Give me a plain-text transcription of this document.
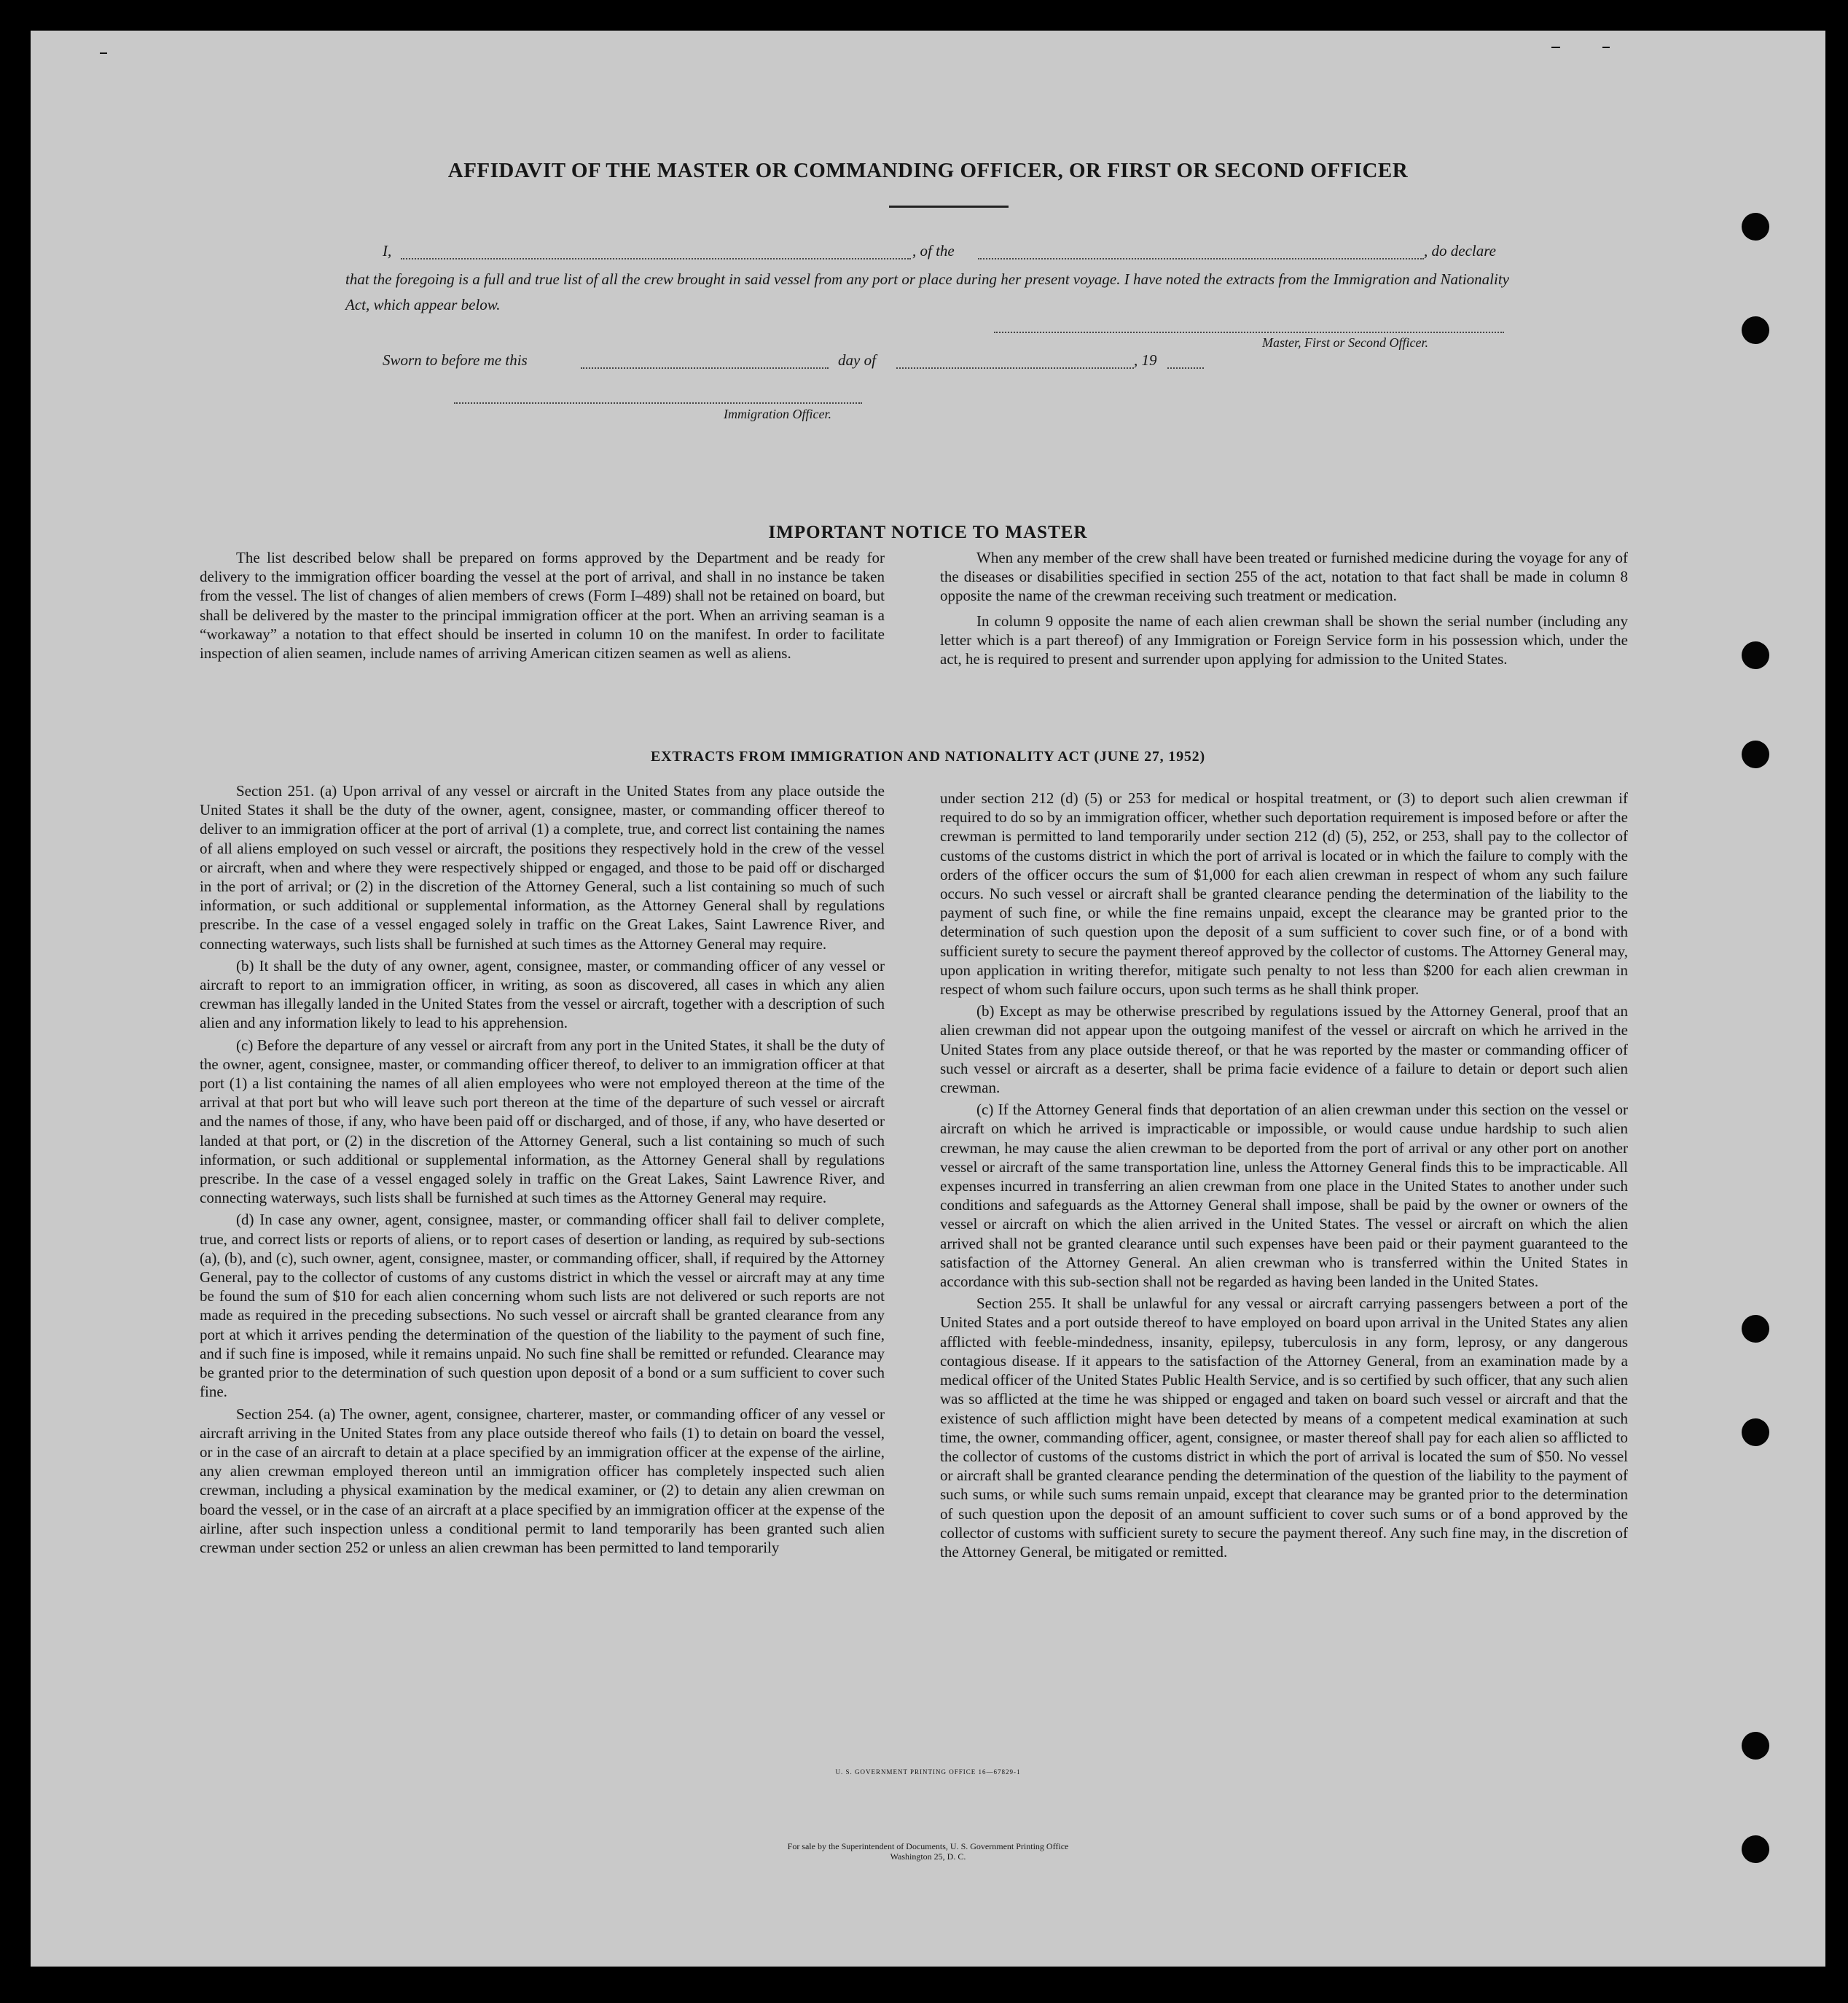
AFFIDAVIT OF THE MASTER OR COMMANDING OFFICER, OR FIRST OR SECOND OFFICER
I,	, of the	, do declare
that the foregoing is a full and true list of all the crew brought in said vessel from any port or place during her present voyage. I have noted the extracts from the Immigration and Nationality Act, which appear below.
Master, First or Second Officer.
Sworn to before me this	day of	, 19
Immigration Officer.
IMPORTANT NOTICE TO MASTER

The list described below shall be prepared on forms approved by the Department and be ready for delivery to the immigration officer boarding the vessel at the port of arrival, and shall in no instance be taken from the vessel. The list of changes of alien members of crews (Form I–489) shall not be retained on board, but shall be delivered by the master to the principal immigration officer at the port. When an arriving seaman is a “workaway” a notation to that effect should be inserted in column 10 on the manifest. In order to facilitate inspection of alien seamen, include names of arriving American citizen seamen as well as aliens.

When any member of the crew shall have been treated or furnished medicine during the voyage for any of the diseases or disabilities specified in section 255 of the act, notation to that fact shall be made in column 8 opposite the name of the crewman receiving such treatment or medication.

In column 9 opposite the name of each alien crewman shall be shown the serial number (including any letter which is a part thereof) of any Immigration or Foreign Service form in his possession which, under the act, he is required to present and surrender upon applying for admission to the United States.

EXTRACTS FROM IMMIGRATION AND NATIONALITY ACT (JUNE 27, 1952)

Section 251. (a) Upon arrival of any vessel or aircraft in the United States from any place outside the United States it shall be the duty of the owner, agent, consignee, master, or commanding officer thereof to deliver to an immigration officer at the port of arrival (1) a complete, true, and correct list containing the names of all aliens employed on such vessel or aircraft, the positions they respectively hold in the crew of the vessel or aircraft, when and where they were respectively shipped or engaged, and those to be paid off or discharged in the port of arrival; or (2) in the discretion of the Attorney General, such a list containing so much of such information, or such additional or supplemental information, as the Attorney General shall by regulations prescribe. In the case of a vessel engaged solely in traffic on the Great Lakes, Saint Lawrence River, and connecting waterways, such lists shall be furnished at such times as the Attorney General may require.

(b) It shall be the duty of any owner, agent, consignee, master, or commanding officer of any vessel or aircraft to report to an immigration officer, in writing, as soon as discovered, all cases in which any alien crewman has illegally landed in the United States from the vessel or aircraft, together with a description of such alien and any information likely to lead to his apprehension.

(c) Before the departure of any vessel or aircraft from any port in the United States, it shall be the duty of the owner, agent, consignee, master, or commanding officer thereof, to deliver to an immigration officer at that port (1) a list containing the names of all alien employees who were not employed thereon at the time of the arrival at that port but who will leave such port thereon at the time of the departure of such vessel or aircraft and the names of those, if any, who have been paid off or discharged, and of those, if any, who have deserted or landed at that port, or (2) in the discretion of the Attorney General, such a list containing so much of such information, or such additional or supplemental information, as the Attorney General shall by regulations prescribe. In the case of a vessel engaged solely in traffic on the Great Lakes, Saint Lawrence River, and connecting waterways, such lists shall be furnished at such times as the Attorney General may require.

(d) In case any owner, agent, consignee, master, or commanding officer shall fail to deliver complete, true, and correct lists or reports of aliens, or to report cases of desertion or landing, as required by sub-sections (a), (b), and (c), such owner, agent, consignee, master, or commanding officer, shall, if required by the Attorney General, pay to the collector of customs of any customs district in which the vessel or aircraft may at any time be found the sum of $10 for each alien concerning whom such lists are not delivered or such reports are not made as required in the preceding subsections. No such vessel or aircraft shall be granted clearance from any port at which it arrives pending the determination of the question of the liability to the payment of such fine, and if such fine is imposed, while it remains unpaid. No such fine shall be remitted or refunded. Clearance may be granted prior to the determination of such question upon deposit of a bond or a sum sufficient to cover such fine.

Section 254. (a) The owner, agent, consignee, charterer, master, or commanding officer of any vessel or aircraft arriving in the United States from any place outside thereof who fails (1) to detain on board the vessel, or in the case of an aircraft to detain at a place specified by an immigration officer at the expense of the airline, any alien crewman employed thereon until an immigration officer has completely inspected such alien crewman, including a physical examination by the medical examiner, or (2) to detain any alien crewman on board the vessel, or in the case of an aircraft at a place specified by an immigration officer at the expense of the airline, after such inspection unless a conditional permit to land temporarily has been granted such alien crewman under section 252 or unless an alien crewman has been permitted to land temporarily

under section 212 (d) (5) or 253 for medical or hospital treatment, or (3) to deport such alien crewman if required to do so by an immigration officer, whether such deportation requirement is imposed before or after the crewman is permitted to land temporarily under section 212 (d) (5), 252, or 253, shall pay to the collector of customs of the customs district in which the port of arrival is located or in which the failure to comply with the orders of the officer occurs the sum of $1,000 for each alien crewman in respect of whom any such failure occurs. No such vessel or aircraft shall be granted clearance pending the determination of the liability to the payment of such fine, or while the fine remains unpaid, except the clearance may be granted prior to the determination of such question upon the deposit of a sum sufficient to cover such fine, or of a bond with sufficient surety to secure the payment thereof approved by the collector of customs. The Attorney General may, upon application in writing therefor, mitigate such penalty to not less than $200 for each alien crewman in respect of whom such failure occurs, upon such terms as he shall think proper.

(b) Except as may be otherwise prescribed by regulations issued by the Attorney General, proof that an alien crewman did not appear upon the outgoing manifest of the vessel or aircraft on which he arrived in the United States from any place outside thereof, or that he was reported by the master or commanding officer of such vessel or aircraft as a deserter, shall be prima facie evidence of a failure to detain or deport such alien crewman.

(c) If the Attorney General finds that deportation of an alien crewman under this section on the vessel or aircraft on which he arrived is impracticable or impossible, or would cause undue hardship to such alien crewman, he may cause the alien crewman to be deported from the port of arrival or any other port on another vessel or aircraft of the same transportation line, unless the Attorney General finds this to be impracticable. All expenses incurred in transferring an alien crewman from one place in the United States to another under such conditions and safeguards as the Attorney General shall impose, shall be paid by the owner or owners of the vessel or aircraft on which the alien arrived in the United States. The vessel or aircraft on which the alien arrived shall not be granted clearance until such expenses have been paid or their payment guaranteed to the satisfaction of the Attorney General. An alien crewman who is transferred within the United States in accordance with this sub-section shall not be regarded as having been landed in the United States.

Section 255. It shall be unlawful for any vessal or aircraft carrying passengers between a port of the United States and a port outside thereof to have employed on board upon arrival in the United States any alien afflicted with feeble-mindedness, insanity, epilepsy, tuberculosis in any form, leprosy, or any dangerous contagious disease. If it appears to the satisfaction of the Attorney General, from an examination made by a medical officer of the United States Public Health Service, and is so certified by such officer, that any such alien was so afflicted at the time he was shipped or engaged and taken on board such vessel or aircraft and that the existence of such affliction might have been detected by means of a competent medical examination at such time, the owner, commanding officer, agent, consignee, or master thereof shall pay for each alien so afflicted to the collector of customs of the customs district in which the port of arrival is located the sum of $50. No vessel or aircraft shall be granted clearance pending the determination of the question of the liability to the payment of such sums, or while such sums remain unpaid, except that clearance may be granted prior to the determination of such question upon the deposit of an amount sufficient to cover such sums or of a bond approved by the collector of customs with sufficient surety to secure the payment thereof. Any such fine may, in the discretion of the Attorney General, be mitigated or remitted.

U. S. GOVERNMENT PRINTING OFFICE 16—67829-1
For sale by the Superintendent of Documents, U. S. Government Printing Office
Washington 25, D. C.
